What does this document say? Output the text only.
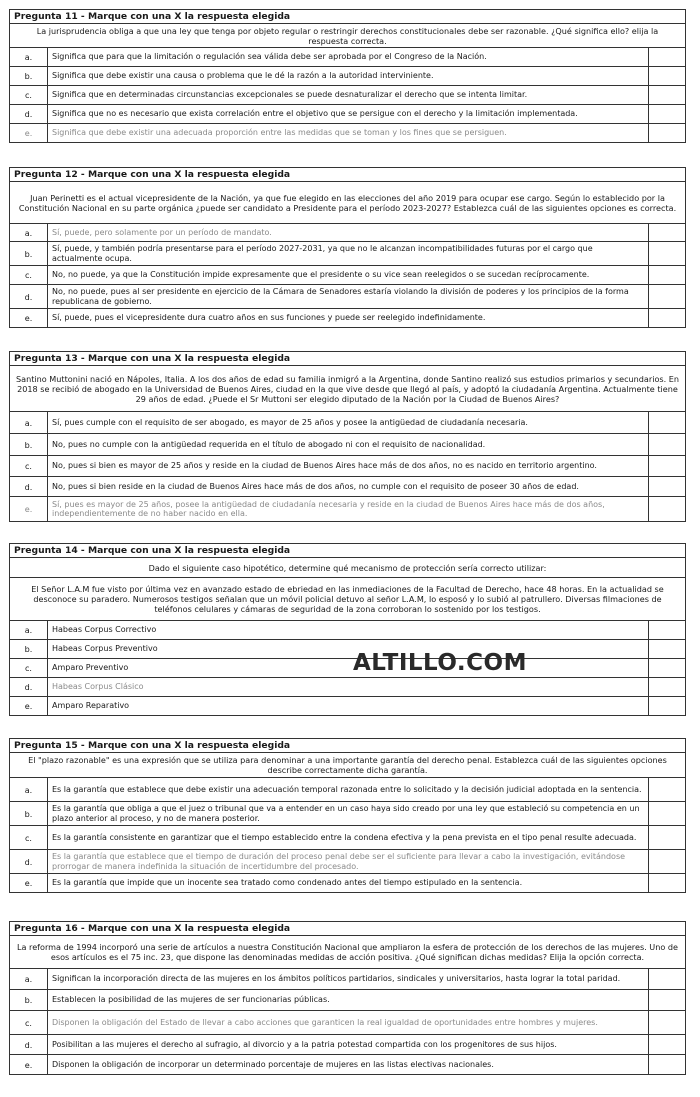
Pregunta 11 - Marque con una X la respuesta elegida
La jurisprudencia obliga a que una ley que tenga por objeto regular o restringir derechos constitucionales debe ser razonable. ¿Qué significa ello? elija la respuesta correcta.
a.	Significa que para que la limitación o regulación sea válida debe ser aprobada por el Congreso de la Nación.
b.	Significa que debe existir una causa o problema que le dé la razón a la autoridad interviniente.
c.	Significa que en determinadas circunstancias excepcionales se puede desnaturalizar el derecho que se intenta limitar.
d.	Significa que no es necesario que exista correlación entre el objetivo que se persigue con el derecho y la limitación implementada.
e.	Significa que debe existir una adecuada proporción entre las medidas que se toman y los fines que se persiguen.
Pregunta 12 - Marque con una X la respuesta elegida
Juan Perinetti es el actual vicepresidente de la Nación, ya que fue elegido en las elecciones del año 2019 para ocupar ese cargo. Según lo establecido por la Constitución Nacional en su parte orgánica ¿puede ser candidato a Presidente para el período 2023-2027? Establezca cuál de las siguientes opciones es correcta.
a.	Sí, puede, pero solamente por un período de mandato.
b.	Sí, puede, y también podría presentarse para el período 2027-2031, ya que no le alcanzan incompatibilidades futuras por el cargo que actualmente ocupa.
c.	No, no puede, ya que la Constitución impide expresamente que el presidente o su vice sean reelegidos o se sucedan recíprocamente.
d.	No, no puede, pues al ser presidente en ejercicio de la Cámara de Senadores estaría violando la división de poderes y los principios de la forma republicana de gobierno.
e.	Sí, puede, pues el vicepresidente dura cuatro años en sus funciones y puede ser reelegido indefinidamente.
Pregunta 13 - Marque con una X la respuesta elegida
Santino Muttonini nació en Nápoles, Italia. A los dos años de edad su familia inmigró a la Argentina, donde Santino realizó sus estudios primarios y secundarios. En 2018 se recibió de abogado en la Universidad de Buenos Aires, ciudad en la que vive desde que llegó al país, y adoptó la ciudadanía Argentina. Actualmente tiene 29 años de edad. ¿Puede el Sr Muttoni ser elegido diputado de la Nación por la Ciudad de Buenos Aires?
a.	Sí, pues cumple con el requisito de ser abogado, es mayor de 25 años y posee la antigüedad de ciudadanía necesaria.
b.	No, pues no cumple con la antigüedad requerida en el título de abogado ni con el requisito de nacionalidad.
c.	No, pues si bien es mayor de 25 años y reside en la ciudad de Buenos Aires hace más de dos años, no es nacido en territorio argentino.
d.	No, pues si bien reside en la ciudad de Buenos Aires hace más de dos años, no cumple con el requisito de poseer 30 años de edad.
e.	Sí, pues es mayor de 25 años, posee la antigüedad de ciudadanía necesaria y reside en la ciudad de Buenos Aires hace más de dos años, independientemente de no haber nacido en ella.
Pregunta 14 - Marque con una X la respuesta elegida
Dado el siguiente caso hipotético, determine qué mecanismo de protección sería correcto utilizar:
El Señor L.A.M fue visto por última vez en avanzado estado de ebriedad en las inmediaciones de la Facultad de Derecho, hace 48 horas. En la actualidad se desconoce su paradero. Numerosos testigos señalan que un móvil policial detuvo al señor L.A.M, lo esposó y lo subió al patrullero. Diversas filmaciones de teléfonos celulares y cámaras de seguridad de la zona corroboran lo sostenido por los testigos.
a.	Habeas Corpus Correctivo
b.	Habeas Corpus Preventivo
c.	Amparo Preventivo
d.	Habeas Corpus Clásico
e.	Amparo Reparativo
Pregunta 15 - Marque con una X la respuesta elegida
El "plazo razonable" es una expresión que se utiliza para denominar a una importante garantía del derecho penal. Establezca cuál de las siguientes opciones describe correctamente dicha garantía.
a.	Es la garantía que establece que debe existir una adecuación temporal razonada entre lo solicitado y la decisión judicial adoptada en la sentencia.
b.	Es la garantía que obliga a que el juez o tribunal que va a entender en un caso haya sido creado por una ley que estableció su competencia en un plazo anterior al proceso, y no de manera posterior.
c.	Es la garantía consistente en garantizar que el tiempo establecido entre la condena efectiva y la pena prevista en el tipo penal resulte adecuada.
d.	Es la garantía que establece que el tiempo de duración del proceso penal debe ser el suficiente para llevar a cabo la investigación, evitándose prorrogar de manera indefinida la situación de incertidumbre del procesado.
e.	Es la garantía que impide que un inocente sea tratado como condenado antes del tiempo estipulado en la sentencia.
Pregunta 16 - Marque con una X la respuesta elegida
La reforma de 1994 incorporó una serie de artículos a nuestra Constitución Nacional que ampliaron la esfera de protección de los derechos de las mujeres. Uno de esos artículos es el 75 inc. 23, que dispone las denominadas medidas de acción positiva. ¿Qué significan dichas medidas? Elija la opción correcta.
a.	Significan la incorporación directa de las mujeres en los ámbitos políticos partidarios, sindicales y universitarios, hasta lograr la total paridad.
b.	Establecen la posibilidad de las mujeres de ser funcionarias públicas.
c.	Disponen la obligación del Estado de llevar a cabo acciones que garanticen la real igualdad de oportunidades entre hombres y mujeres.
d.	Posibilitan a las mujeres el derecho al sufragio, al divorcio y a la patria potestad compartida con los progenitores de sus hijos.
e.	Disponen la obligación de incorporar un determinado porcentaje de mujeres en las listas electivas nacionales.
ALTILLO.COM
